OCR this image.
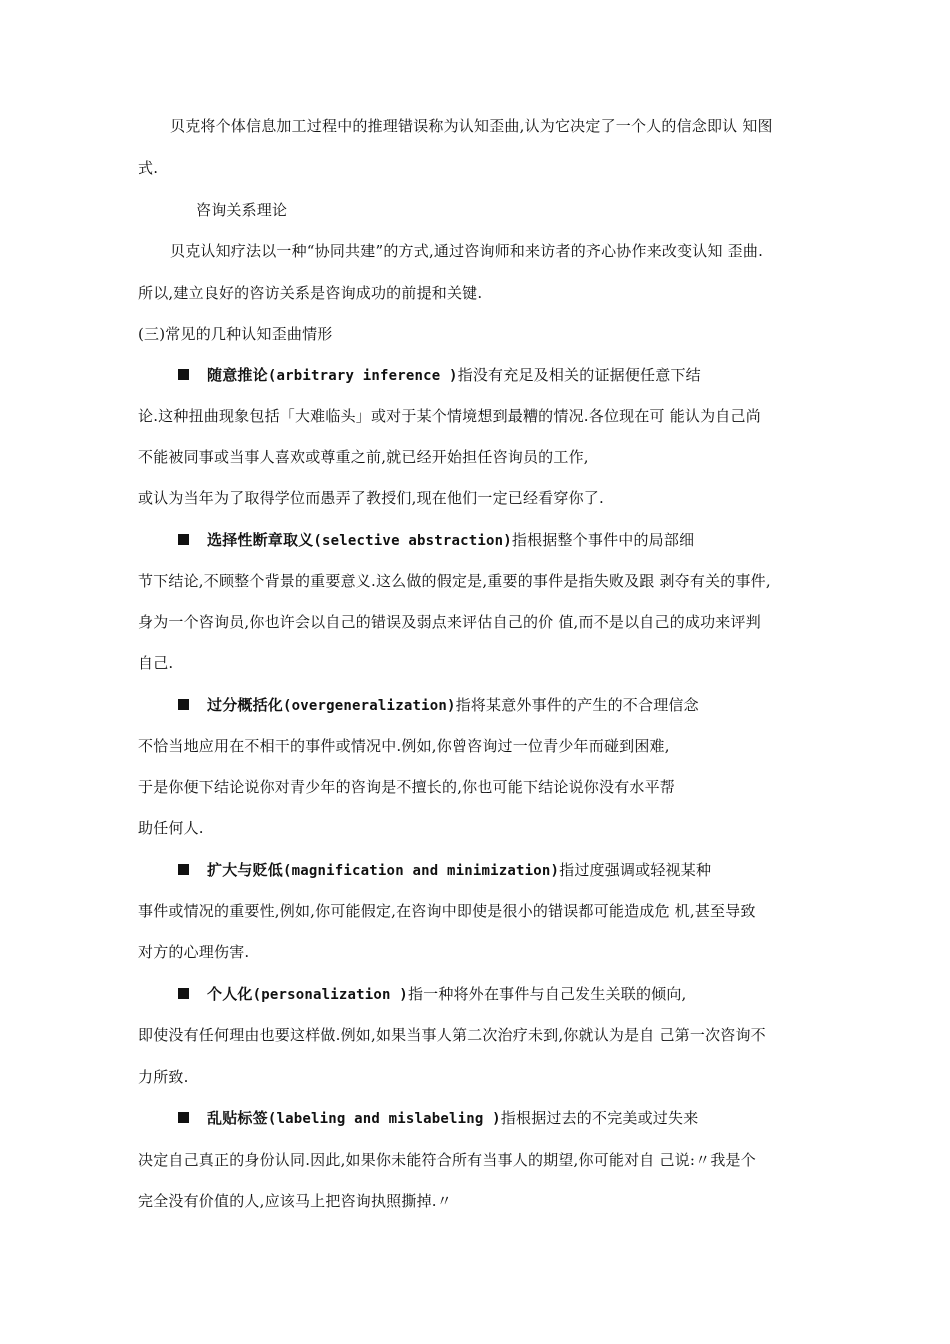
贝克将个体信息加工过程中的推理错误称为认知歪曲,认为它决定了一个人的信念即认 知图
式.
咨询关系理论
贝克认知疗法以一种“协同共建”的方式,通过咨询师和来访者的齐心协作来改变认知 歪曲.
所以,建立良好的咨访关系是咨询成功的前提和关键.
(三)常见的几种认知歪曲情形
随意推论(arbitrary inference )指没有充足及相关的证据便任意下结
论.这种扭曲现象包括「大难临头」或对于某个情境想到最糟的情况.各位现在可 能认为自己尚
不能被同事或当事人喜欢或尊重之前,就已经开始担任咨询员的工作,
或认为当年为了取得学位而愚弄了教授们,现在他们一定已经看穿你了.
选择性断章取义(selective abstraction)指根据整个事件中的局部细
节下结论,不顾整个背景的重要意义.这么做的假定是,重要的事件是指失败及跟 剥夺有关的事件,
身为一个咨询员,你也许会以自己的错误及弱点来评估自己的价 值,而不是以自己的成功来评判
自己.
过分概括化(overgeneralization)指将某意外事件的产生的不合理信念
不恰当地应用在不相干的事件或情况中.例如,你曾咨询过一位青少年而碰到困难,
于是你便下结论说你对青少年的咨询是不擅长的,你也可能下结论说你没有水平帮
助任何人.
扩大与贬低(magnification and minimization)指过度强调或轻视某种
事件或情况的重要性,例如,你可能假定,在咨询中即使是很小的错误都可能造成危 机,甚至导致
对方的心理伤害.
个人化(personalization )指一种将外在事件与自己发生关联的倾向,
即使没有任何理由也要这样做.例如,如果当事人第二次治疗未到,你就认为是自 己第一次咨询不
力所致.
乱贴标签(labeling and mislabeling )指根据过去的不完美或过失来
决定自己真正的身份认同.因此,如果你未能符合所有当事人的期望,你可能对自 己说:〃我是个
完全没有价值的人,应该马上把咨询执照撕掉.〃
